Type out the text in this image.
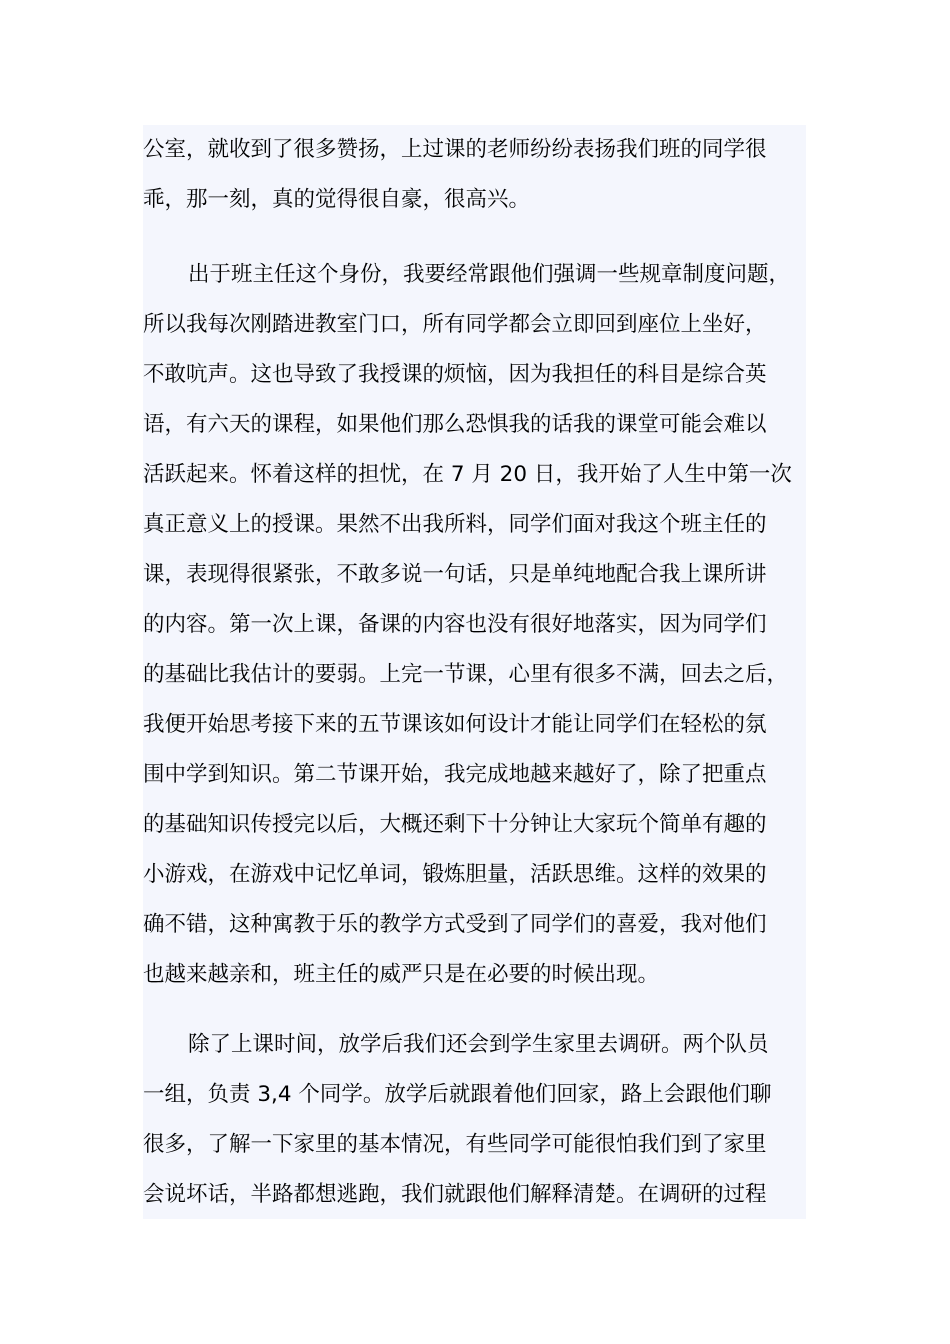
公室，就收到了很多赞扬，上过课的老师纷纷表扬我们班的同学很
乖，那一刻，真的觉得很自豪，很高兴。
出于班主任这个身份，我要经常跟他们强调一些规章制度问题，
所以我每次刚踏进教室门口，所有同学都会立即回到座位上坐好，
不敢吭声。这也导致了我授课的烦恼，因为我担任的科目是综合英
语，有六天的课程，如果他们那么恐惧我的话我的课堂可能会难以
活跃起来。怀着这样的担忧，在 7 月 20 日，我开始了人生中第一次
真正意义上的授课。果然不出我所料，同学们面对我这个班主任的
课，表现得很紧张，不敢多说一句话，只是单纯地配合我上课所讲
的内容。第一次上课，备课的内容也没有很好地落实，因为同学们
的基础比我估计的要弱。上完一节课，心里有很多不满，回去之后，
我便开始思考接下来的五节课该如何设计才能让同学们在轻松的氛
围中学到知识。第二节课开始，我完成地越来越好了，除了把重点
的基础知识传授完以后，大概还剩下十分钟让大家玩个简单有趣的
小游戏，在游戏中记忆单词，锻炼胆量，活跃思维。这样的效果的
确不错，这种寓教于乐的教学方式受到了同学们的喜爱，我对他们
也越来越亲和，班主任的威严只是在必要的时候出现。
除了上课时间，放学后我们还会到学生家里去调研。两个队员
一组，负责 3,4 个同学。放学后就跟着他们回家，路上会跟他们聊
很多，了解一下家里的基本情况，有些同学可能很怕我们到了家里
会说坏话，半路都想逃跑，我们就跟他们解释清楚。在调研的过程
